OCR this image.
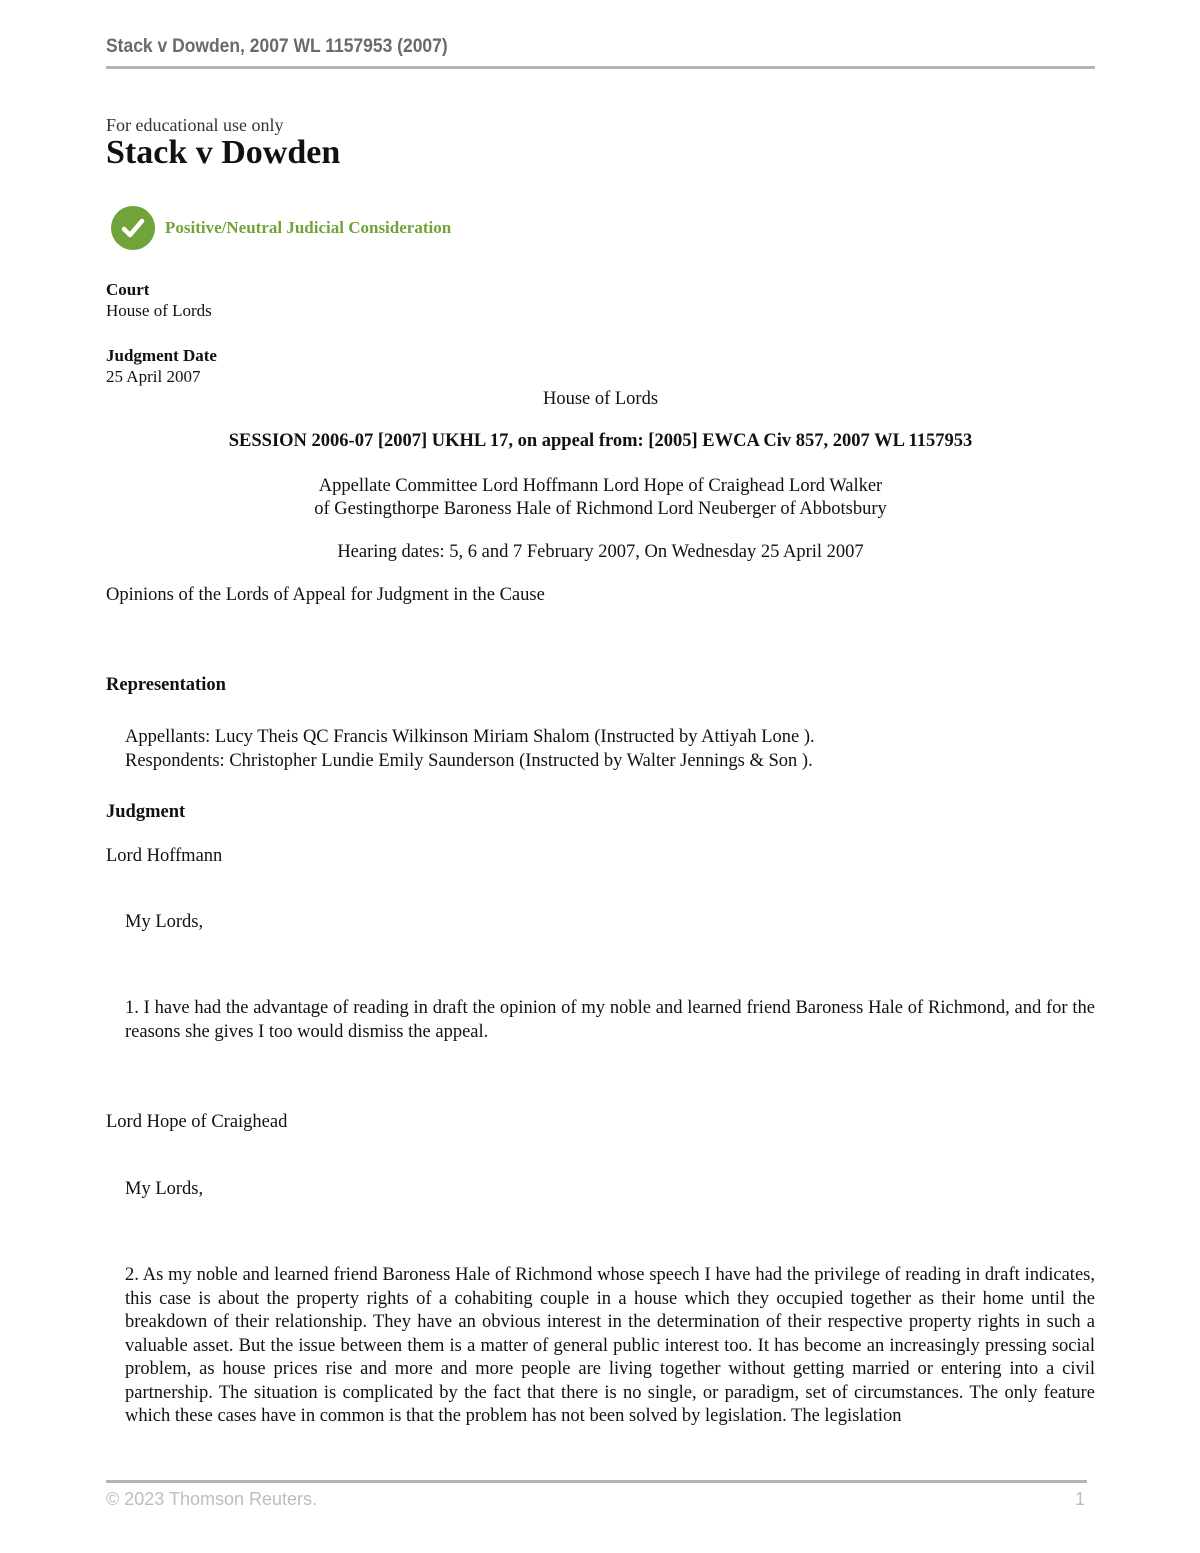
Stack v Dowden, 2007 WL 1157953 (2007)
For educational use only
Stack v Dowden
Positive/Neutral Judicial Consideration
Court
House of Lords
Judgment Date
25 April 2007
House of Lords
SESSION 2006-07 [2007] UKHL 17, on appeal from: [2005] EWCA Civ 857, 2007 WL 1157953
Appellate Committee Lord Hoffmann Lord Hope of Craighead Lord Walker
of Gestingthorpe Baroness Hale of Richmond Lord Neuberger of Abbotsbury
Hearing dates: 5, 6 and 7 February 2007, On Wednesday 25 April 2007
Opinions of the Lords of Appeal for Judgment in the Cause
Representation
Appellants: Lucy Theis QC Francis Wilkinson Miriam Shalom (Instructed by Attiyah Lone ).
Respondents: Christopher Lundie Emily Saunderson (Instructed by Walter Jennings & Son ).
Judgment
Lord Hoffmann
My Lords,
1. I have had the advantage of reading in draft the opinion of my noble and learned friend Baroness Hale of Richmond, and for the reasons she gives I too would dismiss the appeal.
Lord Hope of Craighead
My Lords,
2. As my noble and learned friend Baroness Hale of Richmond whose speech I have had the privilege of reading in draft indicates, this case is about the property rights of a cohabiting couple in a house which they occupied together as their home until the breakdown of their relationship. They have an obvious interest in the determination of their respective property rights in such a valuable asset. But the issue between them is a matter of general public interest too. It has become an increasingly pressing social problem, as house prices rise and more and more people are living together without getting married or entering into a civil partnership. The situation is complicated by the fact that there is no single, or paradigm, set of circumstances. The only feature which these cases have in common is that the problem has not been solved by legislation. The legislation
© 2023 Thomson Reuters.	1
